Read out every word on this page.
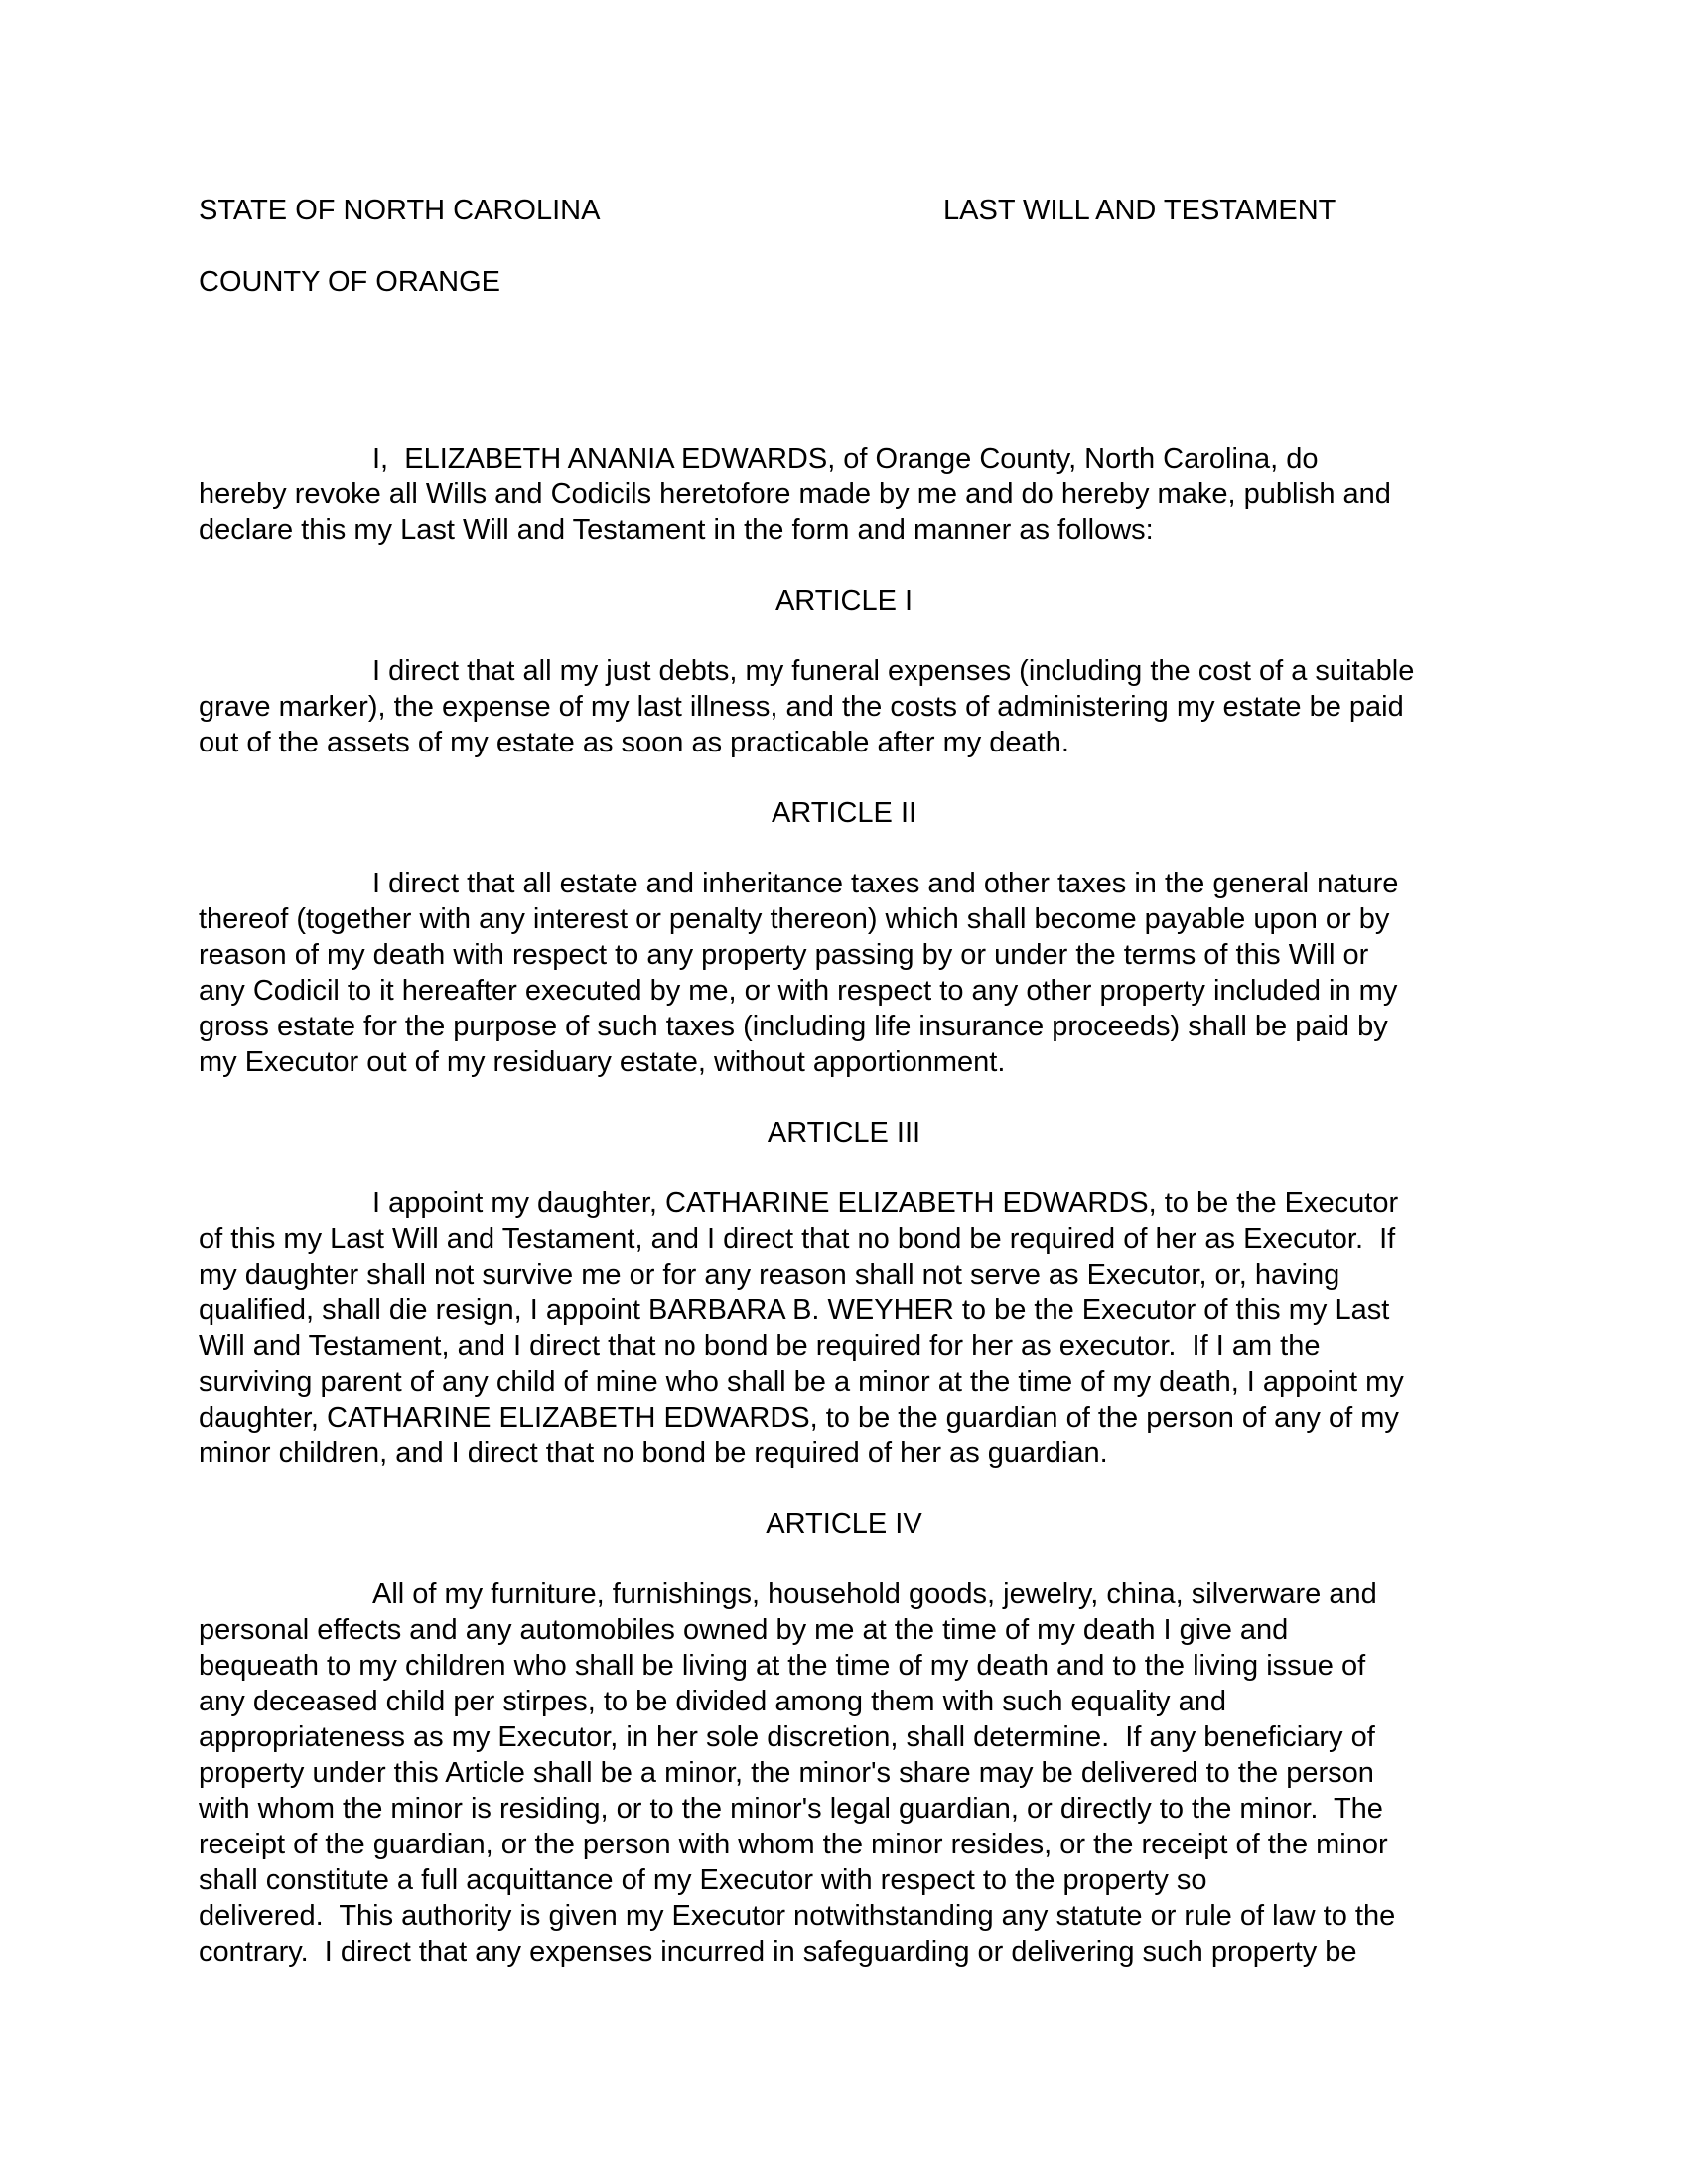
STATE OF NORTH CAROLINA	LAST WILL AND TESTAMENT
COUNTY OF ORANGE
I,  ELIZABETH ANANIA EDWARDS, of Orange County, North Carolina, do
hereby revoke all Wills and Codicils heretofore made by me and do hereby make, publish and
declare this my Last Will and Testament in the form and manner as follows:
ARTICLE I
I direct that all my just debts, my funeral expenses (including the cost of a suitable
grave marker), the expense of my last illness, and the costs of administering my estate be paid
out of the assets of my estate as soon as practicable after my death.
ARTICLE II
I direct that all estate and inheritance taxes and other taxes in the general nature
thereof (together with any interest or penalty thereon) which shall become payable upon or by
reason of my death with respect to any property passing by or under the terms of this Will or
any Codicil to it hereafter executed by me, or with respect to any other property included in my
gross estate for the purpose of such taxes (including life insurance proceeds) shall be paid by
my Executor out of my residuary estate, without apportionment.
ARTICLE III
I appoint my daughter, CATHARINE ELIZABETH EDWARDS, to be the Executor
of this my Last Will and Testament, and I direct that no bond be required of her as Executor.  If
my daughter shall not survive me or for any reason shall not serve as Executor, or, having
qualified, shall die resign, I appoint BARBARA B. WEYHER to be the Executor of this my Last
Will and Testament, and I direct that no bond be required for her as executor.  If I am the
surviving parent of any child of mine who shall be a minor at the time of my death, I appoint my
daughter, CATHARINE ELIZABETH EDWARDS, to be the guardian of the person of any of my
minor children, and I direct that no bond be required of her as guardian.
ARTICLE IV
All of my furniture, furnishings, household goods, jewelry, china, silverware and
personal effects and any automobiles owned by me at the time of my death I give and
bequeath to my children who shall be living at the time of my death and to the living issue of
any deceased child per stirpes, to be divided among them with such equality and
appropriateness as my Executor, in her sole discretion, shall determine.  If any beneficiary of
property under this Article shall be a minor, the minor's share may be delivered to the person
with whom the minor is residing, or to the minor's legal guardian, or directly to the minor.  The
receipt of the guardian, or the person with whom the minor resides, or the receipt of the minor
shall constitute a full acquittance of my Executor with respect to the property so
delivered.  This authority is given my Executor notwithstanding any statute or rule of law to the
contrary.  I direct that any expenses incurred in safeguarding or delivering such property be
